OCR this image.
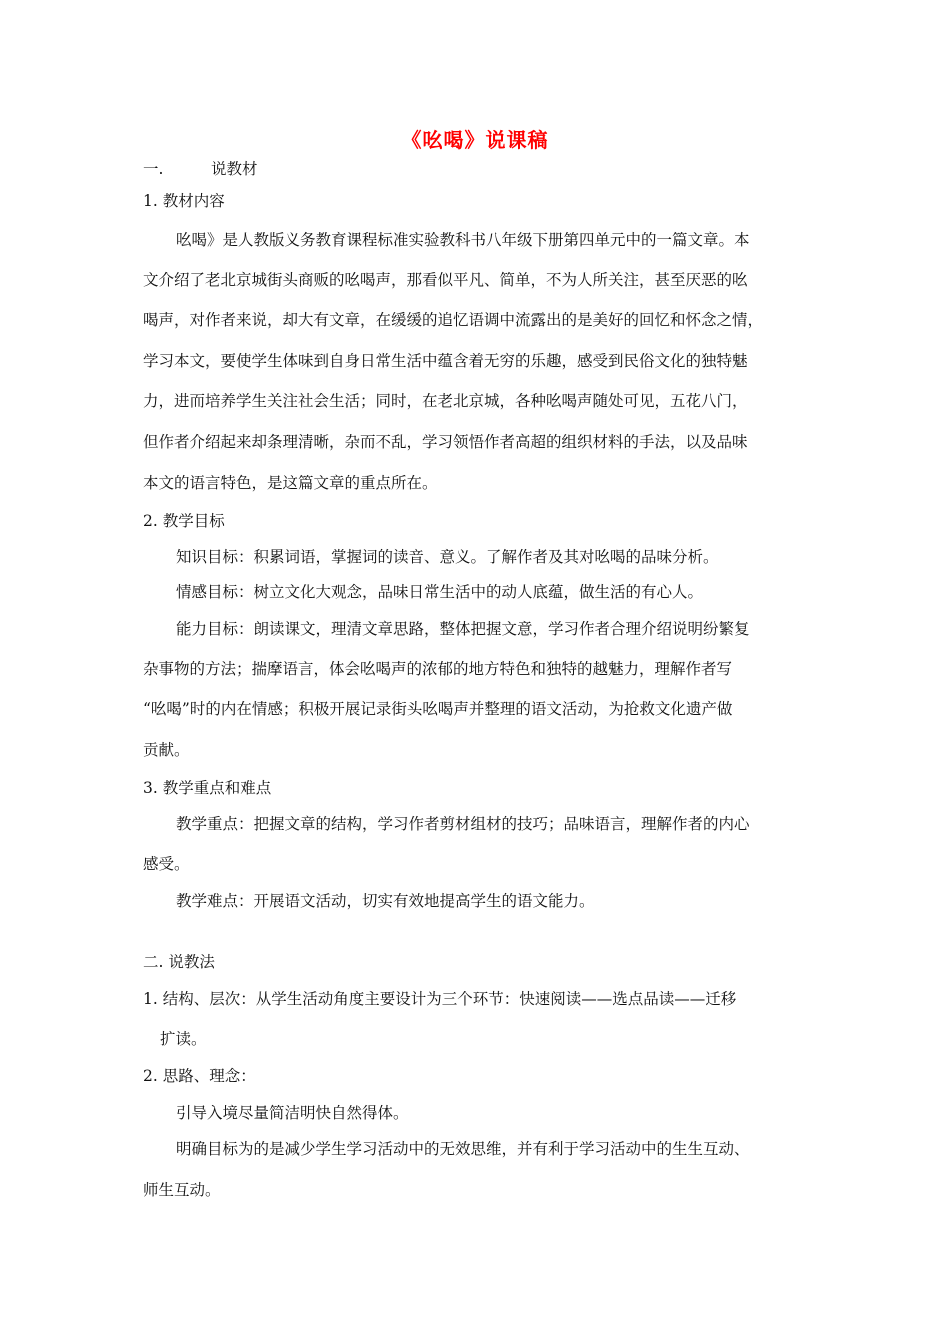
《吆喝》说课稿
一.	说教材
1. 教材内容
吆喝》是人教版义务教育课程标准实验教科书八年级下册第四单元中的一篇文章。本
文介绍了老北京城街头商贩的吆喝声，那看似平凡、简单，不为人所关注，甚至厌恶的吆
喝声，对作者来说，却大有文章，在缓缓的追忆语调中流露出的是美好的回忆和怀念之情，
学习本文，要使学生体味到自身日常生活中蕴含着无穷的乐趣，感受到民俗文化的独特魅
力，进而培养学生关注社会生活；同时，在老北京城，各种吆喝声随处可见，五花八门，
但作者介绍起来却条理清晰，杂而不乱，学习领悟作者高超的组织材料的手法，以及品味
本文的语言特色，是这篇文章的重点所在。
2. 教学目标
知识目标：积累词语，掌握词的读音、意义。了解作者及其对吆喝的品味分析。
情感目标：树立文化大观念，品味日常生活中的动人底蕴，做生活的有心人。
能力目标：朗读课文，理清文章思路，整体把握文意，学习作者合理介绍说明纷繁复
杂事物的方法；揣摩语言，体会吆喝声的浓郁的地方特色和独特的越魅力，理解作者写
“吆喝”时的内在情感；积极开展记录街头吆喝声并整理的语文活动，为抢救文化遗产做
贡献。
3. 教学重点和难点
教学重点：把握文章的结构，学习作者剪材组材的技巧；品味语言，理解作者的内心
感受。
教学难点：开展语文活动，切实有效地提高学生的语文能力。
二. 说教法
1. 结构、层次：从学生活动角度主要设计为三个环节：快速阅读——选点品读——迁移
扩读。
2. 思路、理念：
引导入境尽量简洁明快自然得体。
明确目标为的是减少学生学习活动中的无效思维，并有利于学习活动中的生生互动、
师生互动。
